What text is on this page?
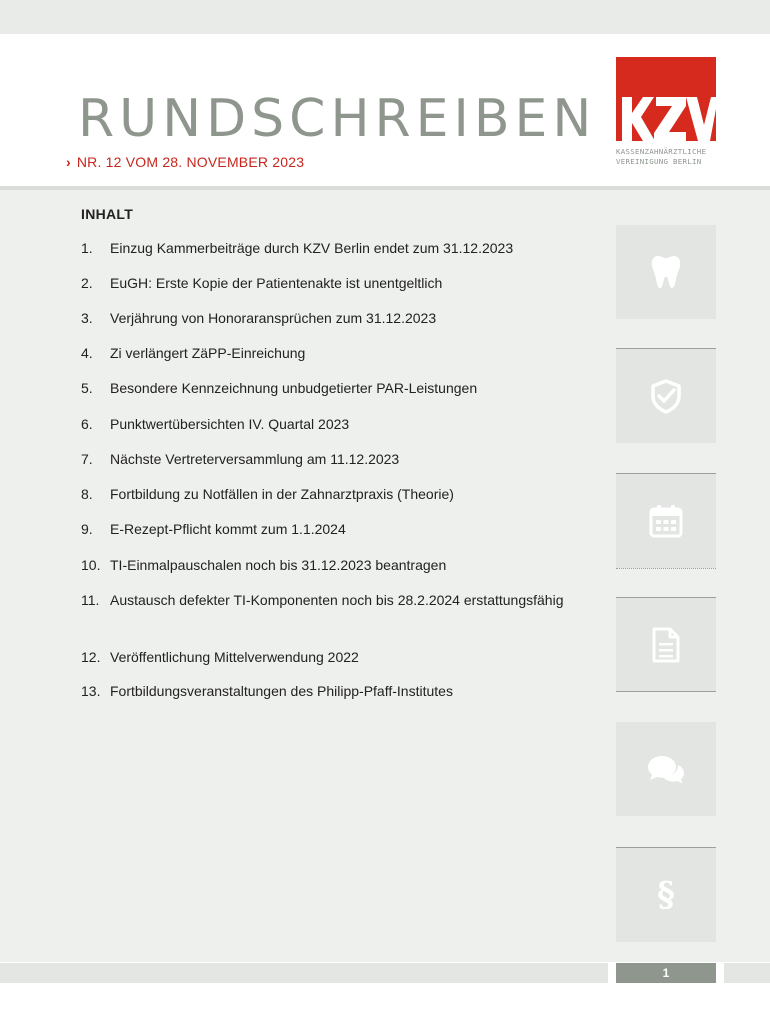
RUNDSCHREIBEN
› NR. 12 VOM 28. NOVEMBER 2023
KASSENZAHNÄRZTLICHE
VEREINIGUNG BERLIN
INHALT
1. Einzug Kammerbeiträge durch KZV Berlin endet zum 31.12.2023
2. EuGH: Erste Kopie der Patientenakte ist unentgeltlich
3. Verjährung von Honoraransprüchen zum 31.12.2023
4. Zi verlängert ZäPP-Einreichung
5. Besondere Kennzeichnung unbudgetierter PAR-Leistungen
6. Punktwertübersichten IV. Quartal 2023
7. Nächste Vertreterversammlung am 11.12.2023
8. Fortbildung zu Notfällen in der Zahnarztpraxis (Theorie)
9. E-Rezept-Pflicht kommt zum 1.1.2024
10. TI-Einmalpauschalen noch bis 31.12.2023 beantragen
11. Austausch defekter TI-Komponenten noch bis 28.2.2024 erstattungsfähig
12. Veröffentlichung Mittelverwendung 2022
13. Fortbildungsveranstaltungen des Philipp-Pfaff-Institutes
§
1
